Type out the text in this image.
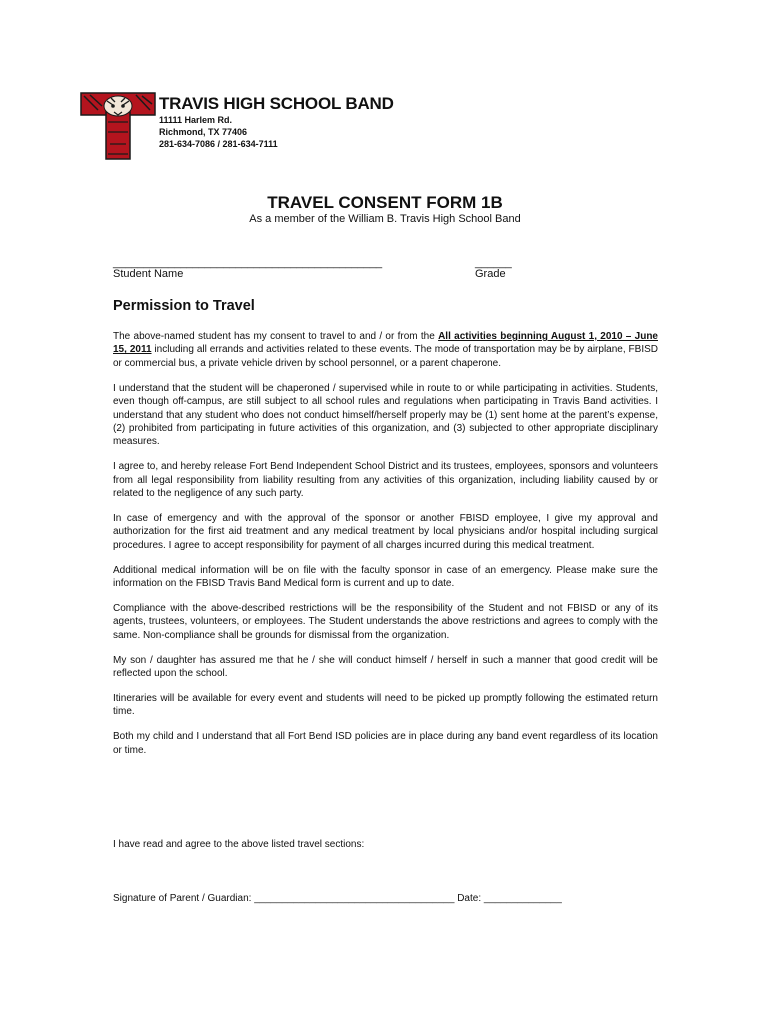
TRAVIS HIGH SCHOOL BAND
11111 Harlem Rd.
Richmond, TX 77406
281-634-7086 / 281-634-7111
TRAVEL CONSENT FORM 1B
As a member of the William B. Travis High School Band
____________________________________________	______
Student Name	Grade
Permission to Travel

The above-named student has my consent to travel to and / or from the All activities beginning August 1, 2010 – June 15, 2011 including all errands and activities related to these events. The mode of transportation may be by airplane, FBISD or commercial bus, a private vehicle driven by school personnel, or a parent chaperone.

I understand that the student will be chaperoned / supervised while in route to or while participating in activities. Students, even though off-campus, are still subject to all school rules and regulations when participating in Travis Band activities. I understand that any student who does not conduct himself/herself properly may be (1) sent home at the parent’s expense, (2) prohibited from participating in future activities of this organization, and (3) subjected to other appropriate disciplinary measures.

I agree to, and hereby release Fort Bend Independent School District and its trustees, employees, sponsors and volunteers from all legal responsibility from liability resulting from any activities of this organization, including liability caused by or related to the negligence of any such party.

In case of emergency and with the approval of the sponsor or another FBISD employee, I give my approval and authorization for the first aid treatment and any medical treatment by local physicians and/or hospital including surgical procedures. I agree to accept responsibility for payment of all charges incurred during this medical treatment.

Additional medical information will be on file with the faculty sponsor in case of an emergency. Please make sure the information on the FBISD Travis Band Medical form is current and up to date.

Compliance with the above-described restrictions will be the responsibility of the Student and not FBISD or any of its agents, trustees, volunteers, or employees. The Student understands the above restrictions and agrees to comply with the same. Non-compliance shall be grounds for dismissal from the organization.

My son / daughter has assured me that he / she will conduct himself / herself in such a manner that good credit will be reflected upon the school.

Itineraries will be available for every event and students will need to be picked up promptly following the estimated return time.

Both my child and I understand that all Fort Bend ISD policies are in place during any band event regardless of its location or time.

I have read and agree to the above listed travel sections:
Signature of Parent / Guardian: ____________________________________ Date: ______________
